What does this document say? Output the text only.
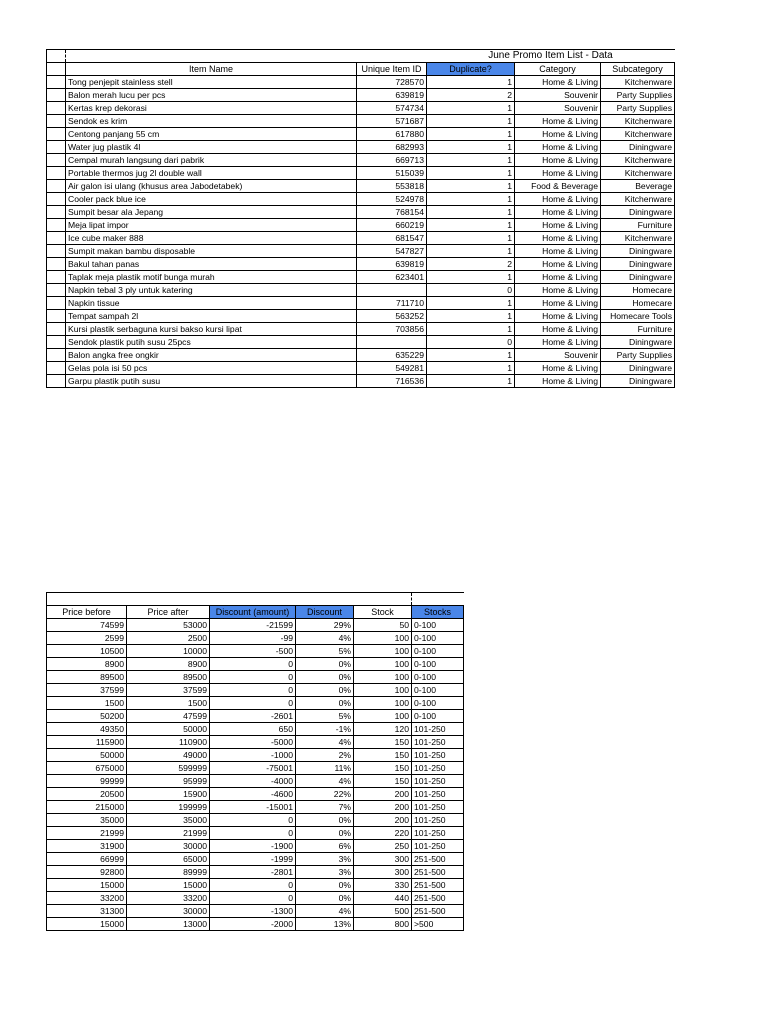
			June Promo Item List - Data		
	Item Name	Unique Item ID	Duplicate?	Category	Subcategory
	Tong penjepit stainless stell	728570	1	Home & Living	Kitchenware
	Balon merah lucu per pcs	639819	2	Souvenir	Party Supplies
	Kertas krep dekorasi	574734	1	Souvenir	Party Supplies
	Sendok es krim	571687	1	Home & Living	Kitchenware
	Centong panjang 55 cm	617880	1	Home & Living	Kitchenware
	Water jug plastik 4l	682993	1	Home & Living	Diningware
	Cempal murah langsung dari pabrik	669713	1	Home & Living	Kitchenware
	Portable thermos jug 2l double wall	515039	1	Home & Living	Kitchenware
	Air galon isi ulang (khusus area Jabodetabek)	553818	1	Food & Beverage	Beverage
	Cooler pack blue ice	524978	1	Home & Living	Kitchenware
	Sumpit besar ala Jepang	768154	1	Home & Living	Diningware
	Meja lipat impor	660219	1	Home & Living	Furniture
	Ice cube maker 888	681547	1	Home & Living	Kitchenware
	Sumpit makan bambu disposable	547827	1	Home & Living	Diningware
	Bakul tahan panas	639819	2	Home & Living	Diningware
	Taplak meja plastik motif bunga murah	623401	1	Home & Living	Diningware
	Napkin tebal 3 ply untuk katering		0	Home & Living	Homecare
	Napkin tissue	711710	1	Home & Living	Homecare
	Tempat sampah 2l	563252	1	Home & Living	Homecare Tools
	Kursi plastik serbaguna kursi bakso kursi lipat	703856	1	Home & Living	Furniture
	Sendok plastik putih susu 25pcs		0	Home & Living	Diningware
	Balon angka free ongkir	635229	1	Souvenir	Party Supplies
	Gelas pola isi 50 pcs	549281	1	Home & Living	Diningware
	Garpu plastik putih susu	716536	1	Home & Living	Diningware

Price before	Price after	Discount (amount)	Discount	Stock	Stocks
74599	53000	-21599	29%	50	0-100
2599	2500	-99	4%	100	0-100
10500	10000	-500	5%	100	0-100
8900	8900	0	0%	100	0-100
89500	89500	0	0%	100	0-100
37599	37599	0	0%	100	0-100
1500	1500	0	0%	100	0-100
50200	47599	-2601	5%	100	0-100
49350	50000	650	-1%	120	101-250
115900	110900	-5000	4%	150	101-250
50000	49000	-1000	2%	150	101-250
675000	599999	-75001	11%	150	101-250
99999	95999	-4000	4%	150	101-250
20500	15900	-4600	22%	200	101-250
215000	199999	-15001	7%	200	101-250
35000	35000	0	0%	200	101-250
21999	21999	0	0%	220	101-250
31900	30000	-1900	6%	250	101-250
66999	65000	-1999	3%	300	251-500
92800	89999	-2801	3%	300	251-500
15000	15000	0	0%	330	251-500
33200	33200	0	0%	440	251-500
31300	30000	-1300	4%	500	251-500
15000	13000	-2000	13%	800	>500
